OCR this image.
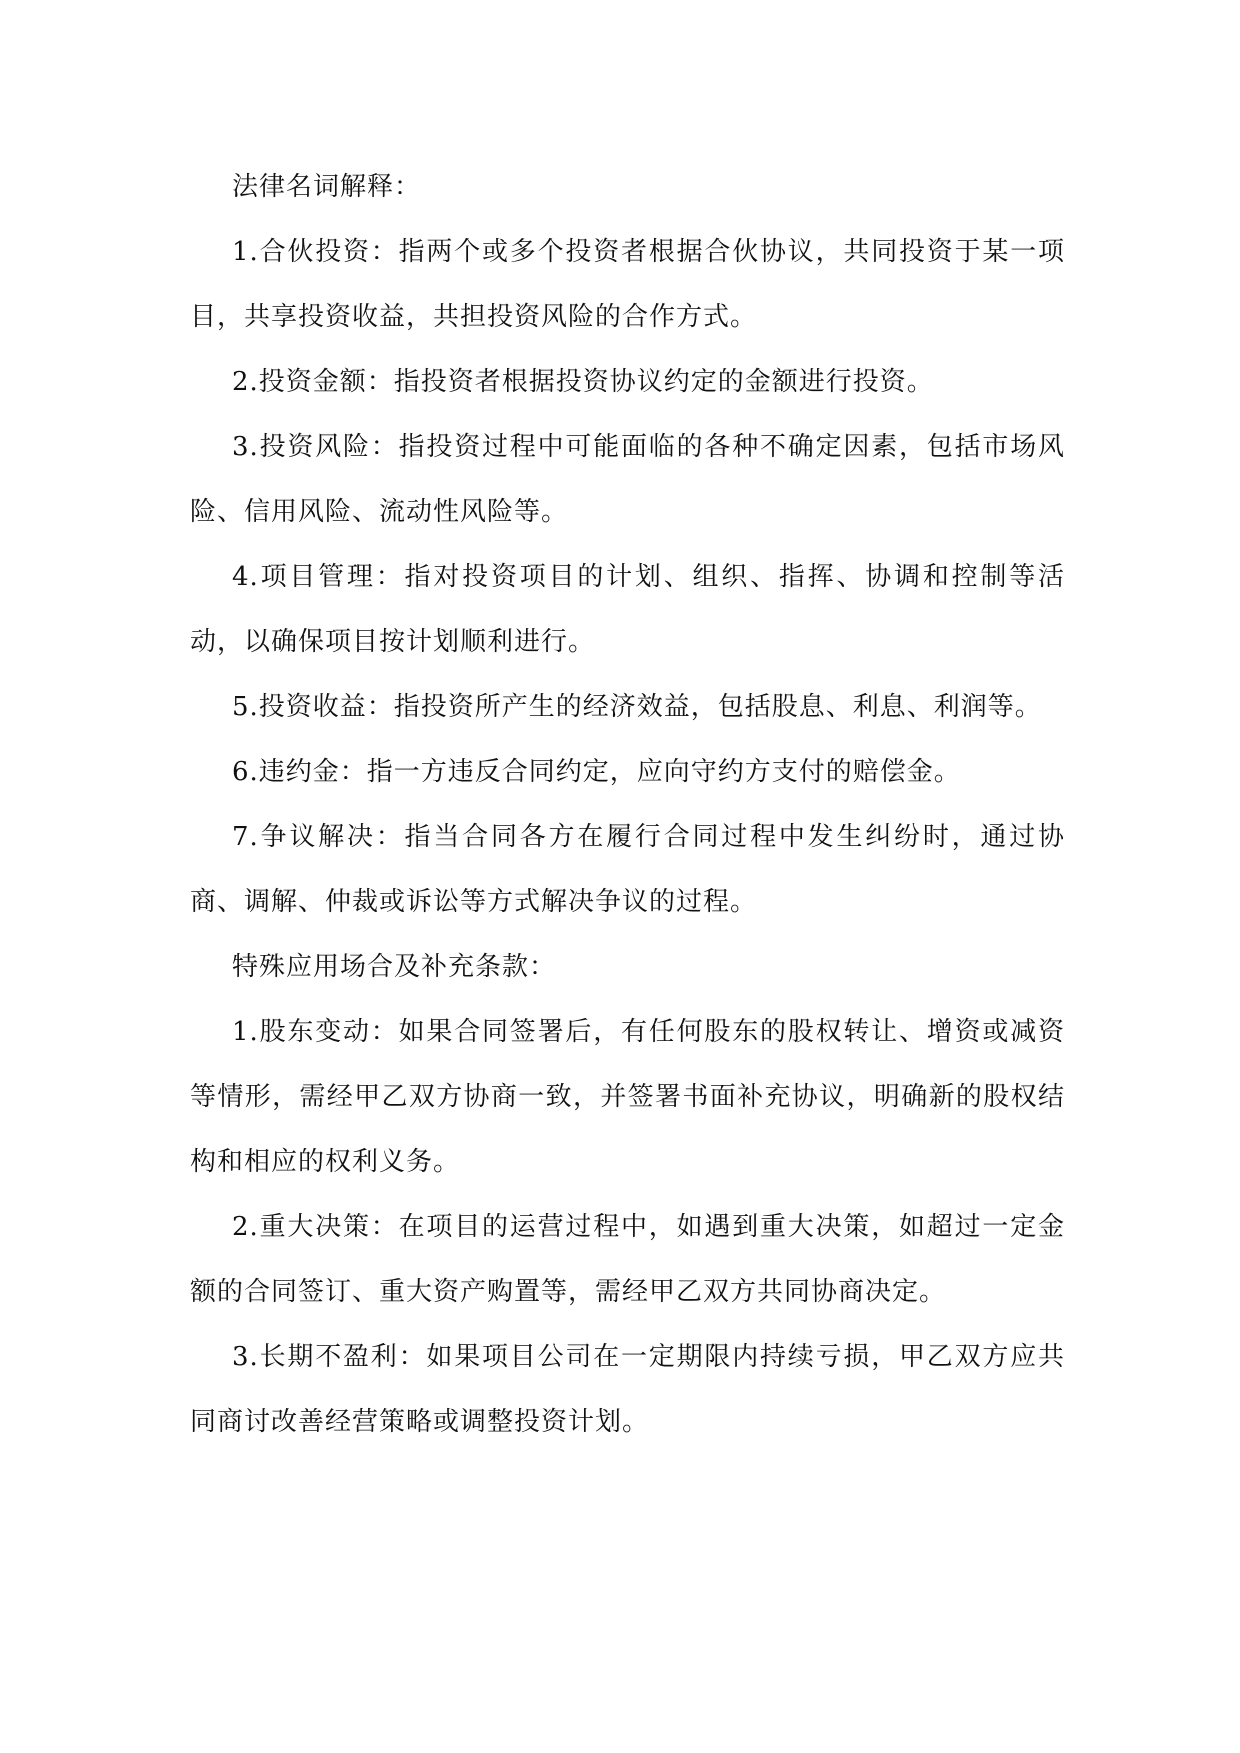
法律名词解释：

1.合伙投资：指两个或多个投资者根据合伙协议，共同投资于某一项目，共享投资收益，共担投资风险的合作方式。

2.投资金额：指投资者根据投资协议约定的金额进行投资。

3.投资风险：指投资过程中可能面临的各种不确定因素，包括市场风险、信用风险、流动性风险等。

4.项目管理：指对投资项目的计划、组织、指挥、协调和控制等活动，以确保项目按计划顺利进行。

5.投资收益：指投资所产生的经济效益，包括股息、利息、利润等。

6.违约金：指一方违反合同约定，应向守约方支付的赔偿金。

7.争议解决：指当合同各方在履行合同过程中发生纠纷时，通过协商、调解、仲裁或诉讼等方式解决争议的过程。

特殊应用场合及补充条款：

1.股东变动：如果合同签署后，有任何股东的股权转让、增资或减资等情形，需经甲乙双方协商一致，并签署书面补充协议，明确新的股权结构和相应的权利义务。

2.重大决策：在项目的运营过程中，如遇到重大决策，如超过一定金额的合同签订、重大资产购置等，需经甲乙双方共同协商决定。

3.长期不盈利：如果项目公司在一定期限内持续亏损，甲乙双方应共同商讨改善经营策略或调整投资计划。
